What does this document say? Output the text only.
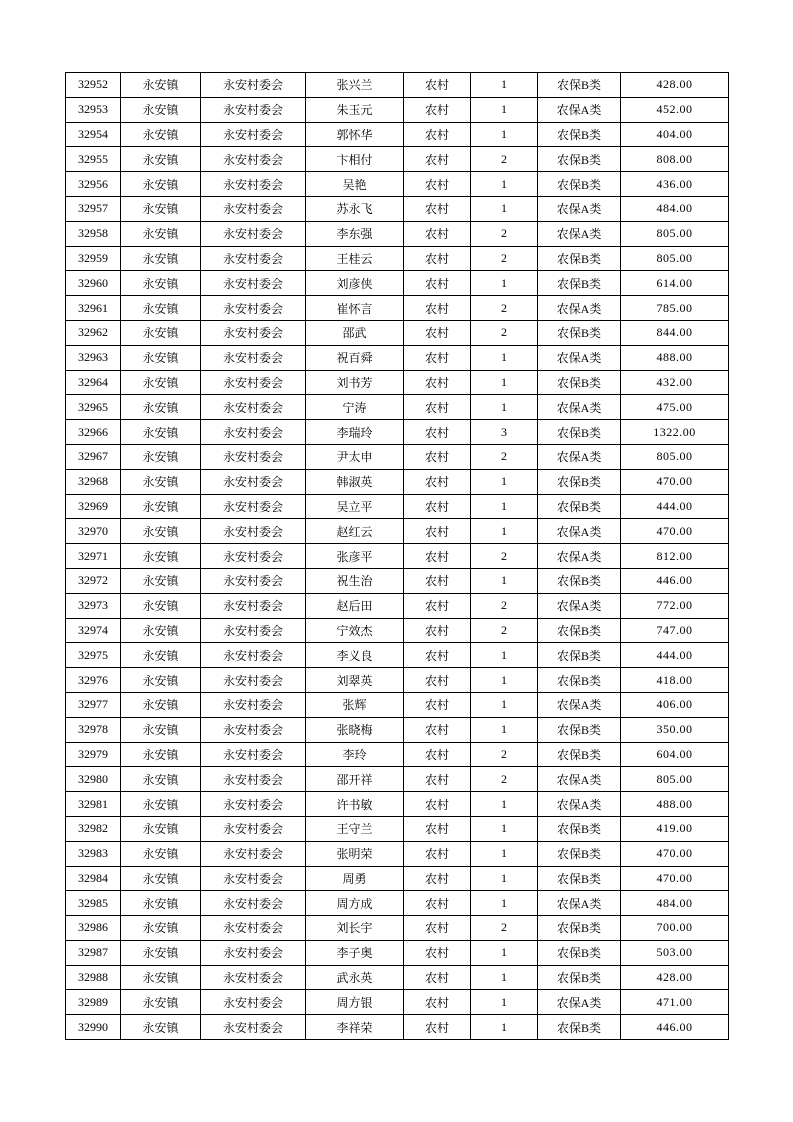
32952	永安镇	永安村委会	张兴兰	农村	1	农保B类	428.00
32953	永安镇	永安村委会	朱玉元	农村	1	农保A类	452.00
32954	永安镇	永安村委会	郭怀华	农村	1	农保B类	404.00
32955	永安镇	永安村委会	卞相付	农村	2	农保B类	808.00
32956	永安镇	永安村委会	吴艳	农村	1	农保B类	436.00
32957	永安镇	永安村委会	苏永飞	农村	1	农保A类	484.00
32958	永安镇	永安村委会	李东强	农村	2	农保A类	805.00
32959	永安镇	永安村委会	王桂云	农村	2	农保B类	805.00
32960	永安镇	永安村委会	刘彦侠	农村	1	农保B类	614.00
32961	永安镇	永安村委会	崔怀言	农村	2	农保A类	785.00
32962	永安镇	永安村委会	邵武	农村	2	农保B类	844.00
32963	永安镇	永安村委会	祝百舜	农村	1	农保A类	488.00
32964	永安镇	永安村委会	刘书芳	农村	1	农保B类	432.00
32965	永安镇	永安村委会	宁涛	农村	1	农保A类	475.00
32966	永安镇	永安村委会	李瑞玲	农村	3	农保B类	1322.00
32967	永安镇	永安村委会	尹太申	农村	2	农保A类	805.00
32968	永安镇	永安村委会	韩淑英	农村	1	农保B类	470.00
32969	永安镇	永安村委会	吴立平	农村	1	农保B类	444.00
32970	永安镇	永安村委会	赵红云	农村	1	农保A类	470.00
32971	永安镇	永安村委会	张彦平	农村	2	农保A类	812.00
32972	永安镇	永安村委会	祝生治	农村	1	农保B类	446.00
32973	永安镇	永安村委会	赵后田	农村	2	农保A类	772.00
32974	永安镇	永安村委会	宁效杰	农村	2	农保B类	747.00
32975	永安镇	永安村委会	李义良	农村	1	农保B类	444.00
32976	永安镇	永安村委会	刘翠英	农村	1	农保B类	418.00
32977	永安镇	永安村委会	张辉	农村	1	农保A类	406.00
32978	永安镇	永安村委会	张晓梅	农村	1	农保B类	350.00
32979	永安镇	永安村委会	李玲	农村	2	农保B类	604.00
32980	永安镇	永安村委会	邵开祥	农村	2	农保A类	805.00
32981	永安镇	永安村委会	许书敏	农村	1	农保A类	488.00
32982	永安镇	永安村委会	王守兰	农村	1	农保B类	419.00
32983	永安镇	永安村委会	张明荣	农村	1	农保B类	470.00
32984	永安镇	永安村委会	周勇	农村	1	农保B类	470.00
32985	永安镇	永安村委会	周方成	农村	1	农保A类	484.00
32986	永安镇	永安村委会	刘长宇	农村	2	农保B类	700.00
32987	永安镇	永安村委会	李子奥	农村	1	农保B类	503.00
32988	永安镇	永安村委会	武永英	农村	1	农保B类	428.00
32989	永安镇	永安村委会	周方银	农村	1	农保A类	471.00
32990	永安镇	永安村委会	李祥荣	农村	1	农保B类	446.00
